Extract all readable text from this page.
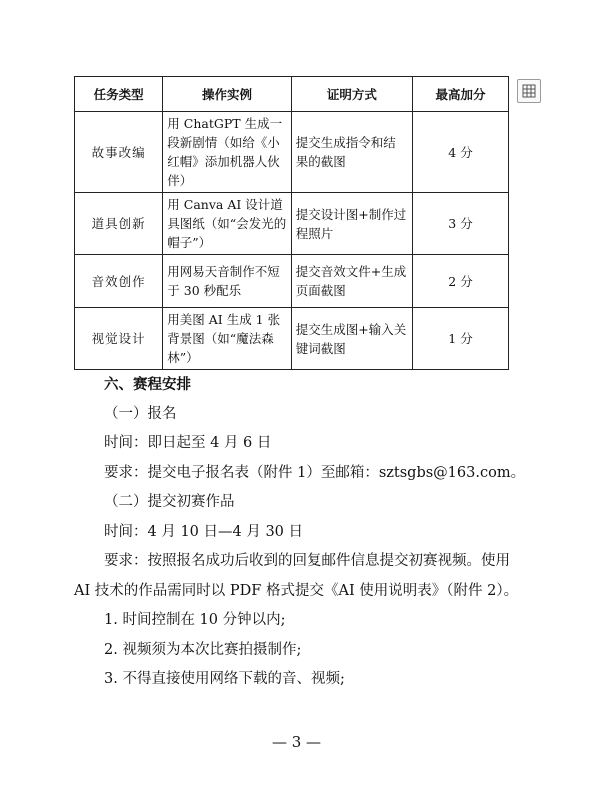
任务类型	操作实例	证明方式	最高加分
故事改编	用 ChatGPT 生成一段新剧情（如给《小红帽》添加机器人伙伴）	提交生成指令和结果的截图	4 分
道具创新	用 Canva AI 设计道具图纸（如“会发光的帽子”）	提交设计图+制作过程照片	3 分
音效创作	用网易天音制作不短于 30 秒配乐	提交音效文件+生成页面截图	2 分
视觉设计	用美图 AI 生成 1 张背景图（如“魔法森林”）	提交生成图+输入关键词截图	1 分

六、赛程安排

（一）报名

时间：即日起至 4 月 6 日

要求：提交电子报名表（附件 1）至邮箱：sztsgbs@163.com。

（二）提交初赛作品

时间：4 月 10 日—4 月 30 日

要求：按照报名成功后收到的回复邮件信息提交初赛视频。使用 AI 技术的作品需同时以 PDF 格式提交《AI 使用说明表》（附件 2）。

1. 时间控制在 10 分钟以内;

2. 视频须为本次比赛拍摄制作;

3. 不得直接使用网络下载的音、视频;

— 3 —
